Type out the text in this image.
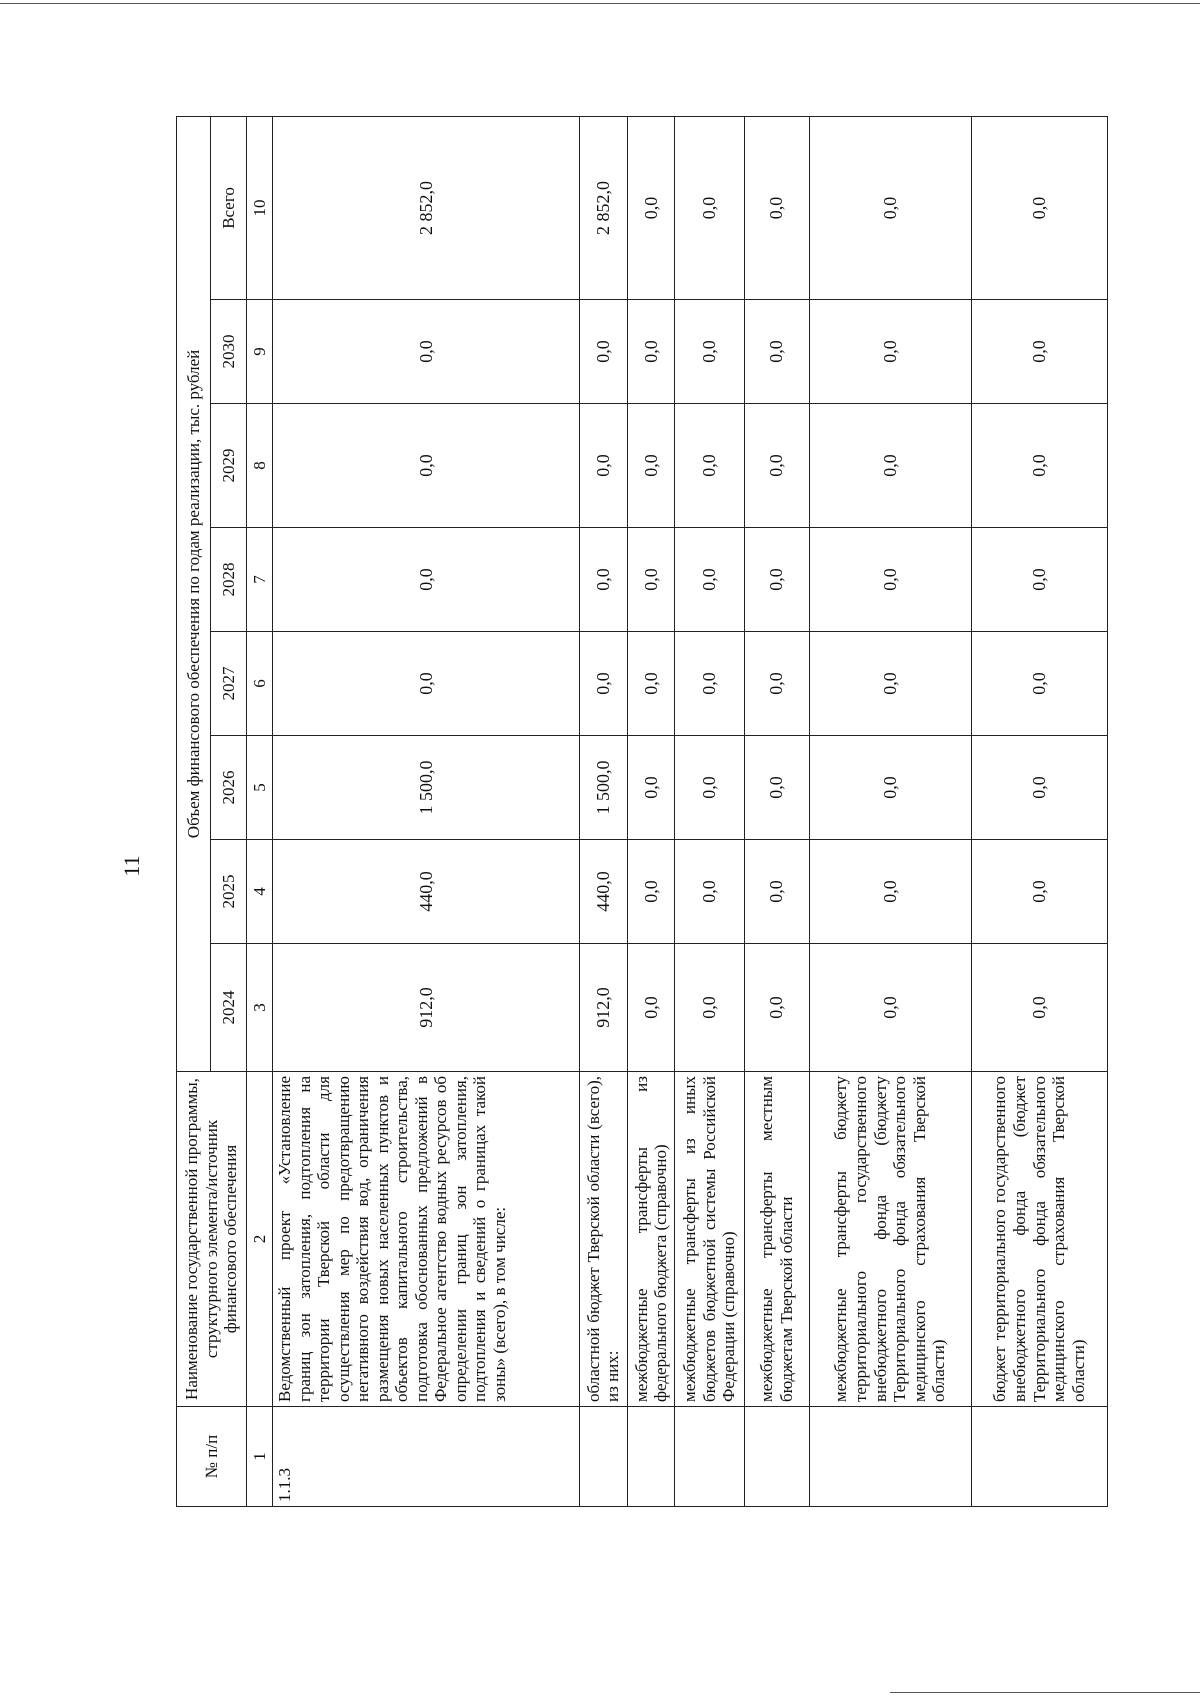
11
№ п/п	Наименование государственной программы, структурного элемента/источник финансового обеспечения	Объем финансового обеспечения по годам реализации, тыс. рублей							
		2024	2025	2026	2027	2028	2029	2030	Всего
1	2	3	4	5	6	7	8	9	10
1.1.3	Ведомственный проект «Установление границ зон затопления, подтопления на территории Тверской области для осуществления мер по предотвращению негативного воздействия вод, ограничения размещения новых населенных пунктов и объектов капитального строительства, подготовка обоснованных предложений в Федеральное агентство водных ресурсов об определении границ зон затопления, подтопления и сведений о границах такой зоны» (всего), в том числе:	912,0	440,0	1 500,0	0,0	0,0	0,0	0,0	2 852,0
	областной бюджет Тверской области (всего), из них:	912,0	440,0	1 500,0	0,0	0,0	0,0	0,0	2 852,0
	межбюджетные трансферты из федерального бюджета (справочно)	0,0	0,0	0,0	0,0	0,0	0,0	0,0	0,0
	межбюджетные трансферты из иных бюджетов бюджетной системы Российской Федерации (справочно)	0,0	0,0	0,0	0,0	0,0	0,0	0,0	0,0
	межбюджетные трансферты местным бюджетам Тверской области	0,0	0,0	0,0	0,0	0,0	0,0	0,0	0,0
	межбюджетные трансферты бюджету территориального государственного внебюджетного фонда (бюджету Территориального фонда обязательного медицинского страхования Тверской области)	0,0	0,0	0,0	0,0	0,0	0,0	0,0	0,0
	бюджет территориального государственного внебюджетного фонда (бюджет Территориального фонда обязательного медицинского страхования Тверской области)	0,0	0,0	0,0	0,0	0,0	0,0	0,0	0,0
